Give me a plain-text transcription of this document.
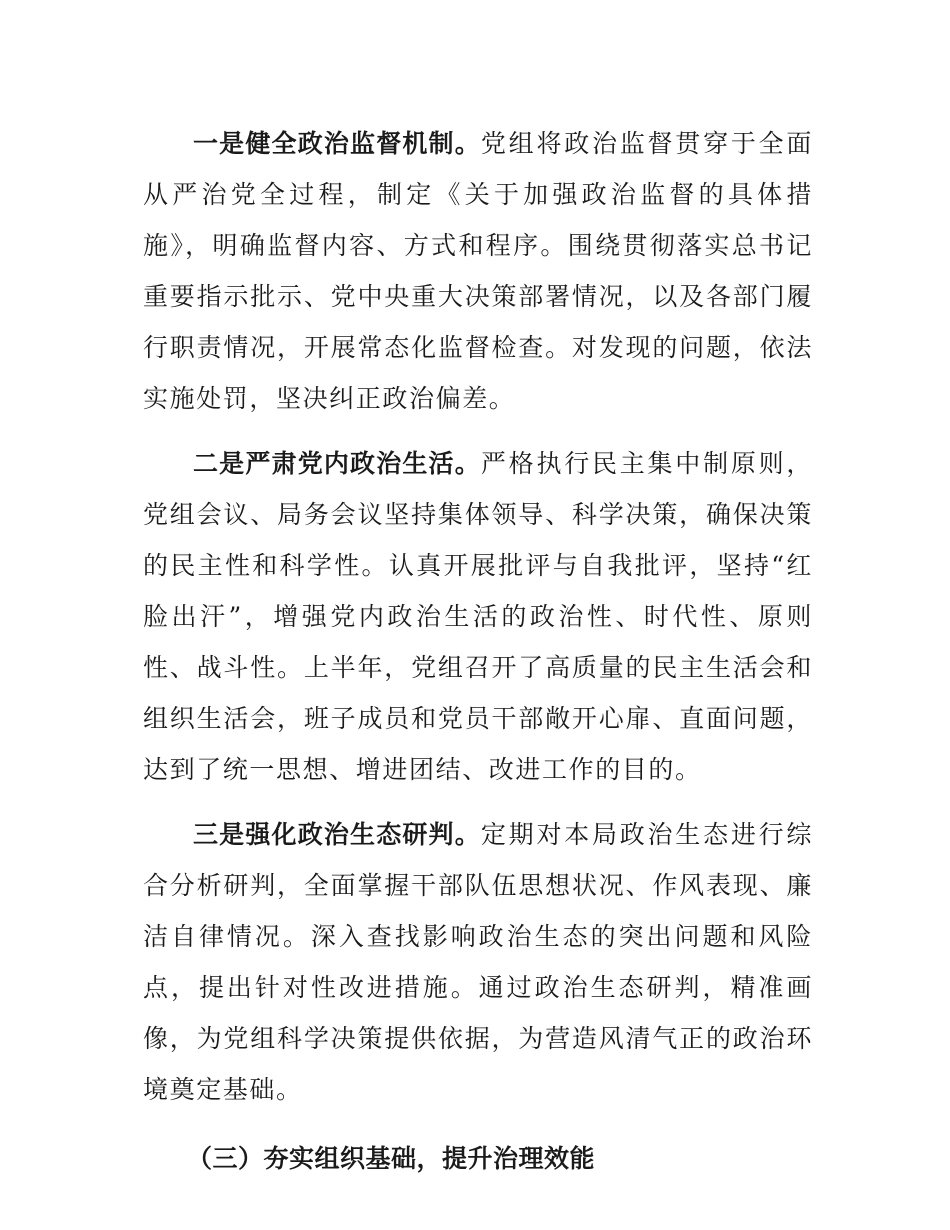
一是健全政治监督机制。党组将政治监督贯穿于全面从严治党全过程，制定《关于加强政治监督的具体措施》，明确监督内容、方式和程序。围绕贯彻落实总书记重要指示批示、党中央重大决策部署情况，以及各部门履行职责情况，开展常态化监督检查。对发现的问题，依法实施处罚，坚决纠正政治偏差。

二是严肃党内政治生活。严格执行民主集中制原则，党组会议、局务会议坚持集体领导、科学决策，确保决策的民主性和科学性。认真开展批评与自我批评，坚持“红脸出汗”，增强党内政治生活的政治性、时代性、原则性、战斗性。上半年，党组召开了高质量的民主生活会和组织生活会，班子成员和党员干部敞开心扉、直面问题，达到了统一思想、增进团结、改进工作的目的。

三是强化政治生态研判。定期对本局政治生态进行综合分析研判，全面掌握干部队伍思想状况、作风表现、廉洁自律情况。深入查找影响政治生态的突出问题和风险点，提出针对性改进措施。通过政治生态研判，精准画像，为党组科学决策提供依据，为营造风清气正的政治环境奠定基础。

（三）夯实组织基础，提升治理效能
